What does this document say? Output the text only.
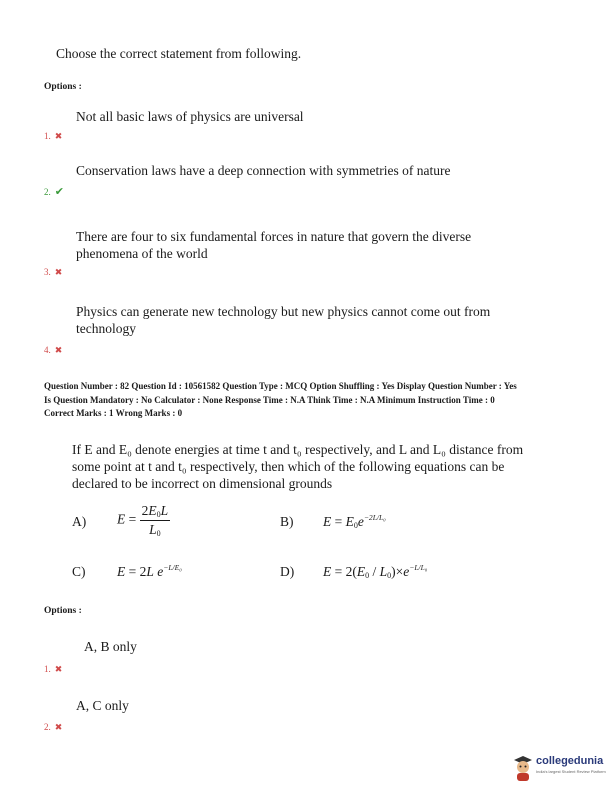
Choose the correct statement from following.
Options :
Not all basic laws of physics are universal
1. ✖
Conservation laws have a deep connection with symmetries of nature
2. ✔
There are four to six fundamental forces in nature that govern the diverse
phenomena of the world
3. ✖
Physics can generate new technology but new physics cannot come out from
technology
4. ✖
Question Number : 82 Question Id : 10561582 Question Type : MCQ Option Shuffling : Yes Display Question Number : Yes
Is Question Mandatory : No Calculator : None Response Time : N.A Think Time : N.A Minimum Instruction Time : 0
Correct Marks : 1 Wrong Marks : 0
If E and E₀ denote energies at time t and t₀ respectively, and L and L₀ distance from
some point at t and t₀ respectively, then which of the following equations can be
declared to be incorrect on dimensional grounds
A) $E = \frac{2E_0L}{L_0}$	B) $E = E_0e^{-2L/L_0}$
C) E = 2L $e^{-L/E_0}$	D) $E = 2(E_0 / L_0)\times e^{-L/L_0}$
Options :
A, B only
1. ✖
A, C only
2. ✖
collegedunia
India's largest Student Review Platform
